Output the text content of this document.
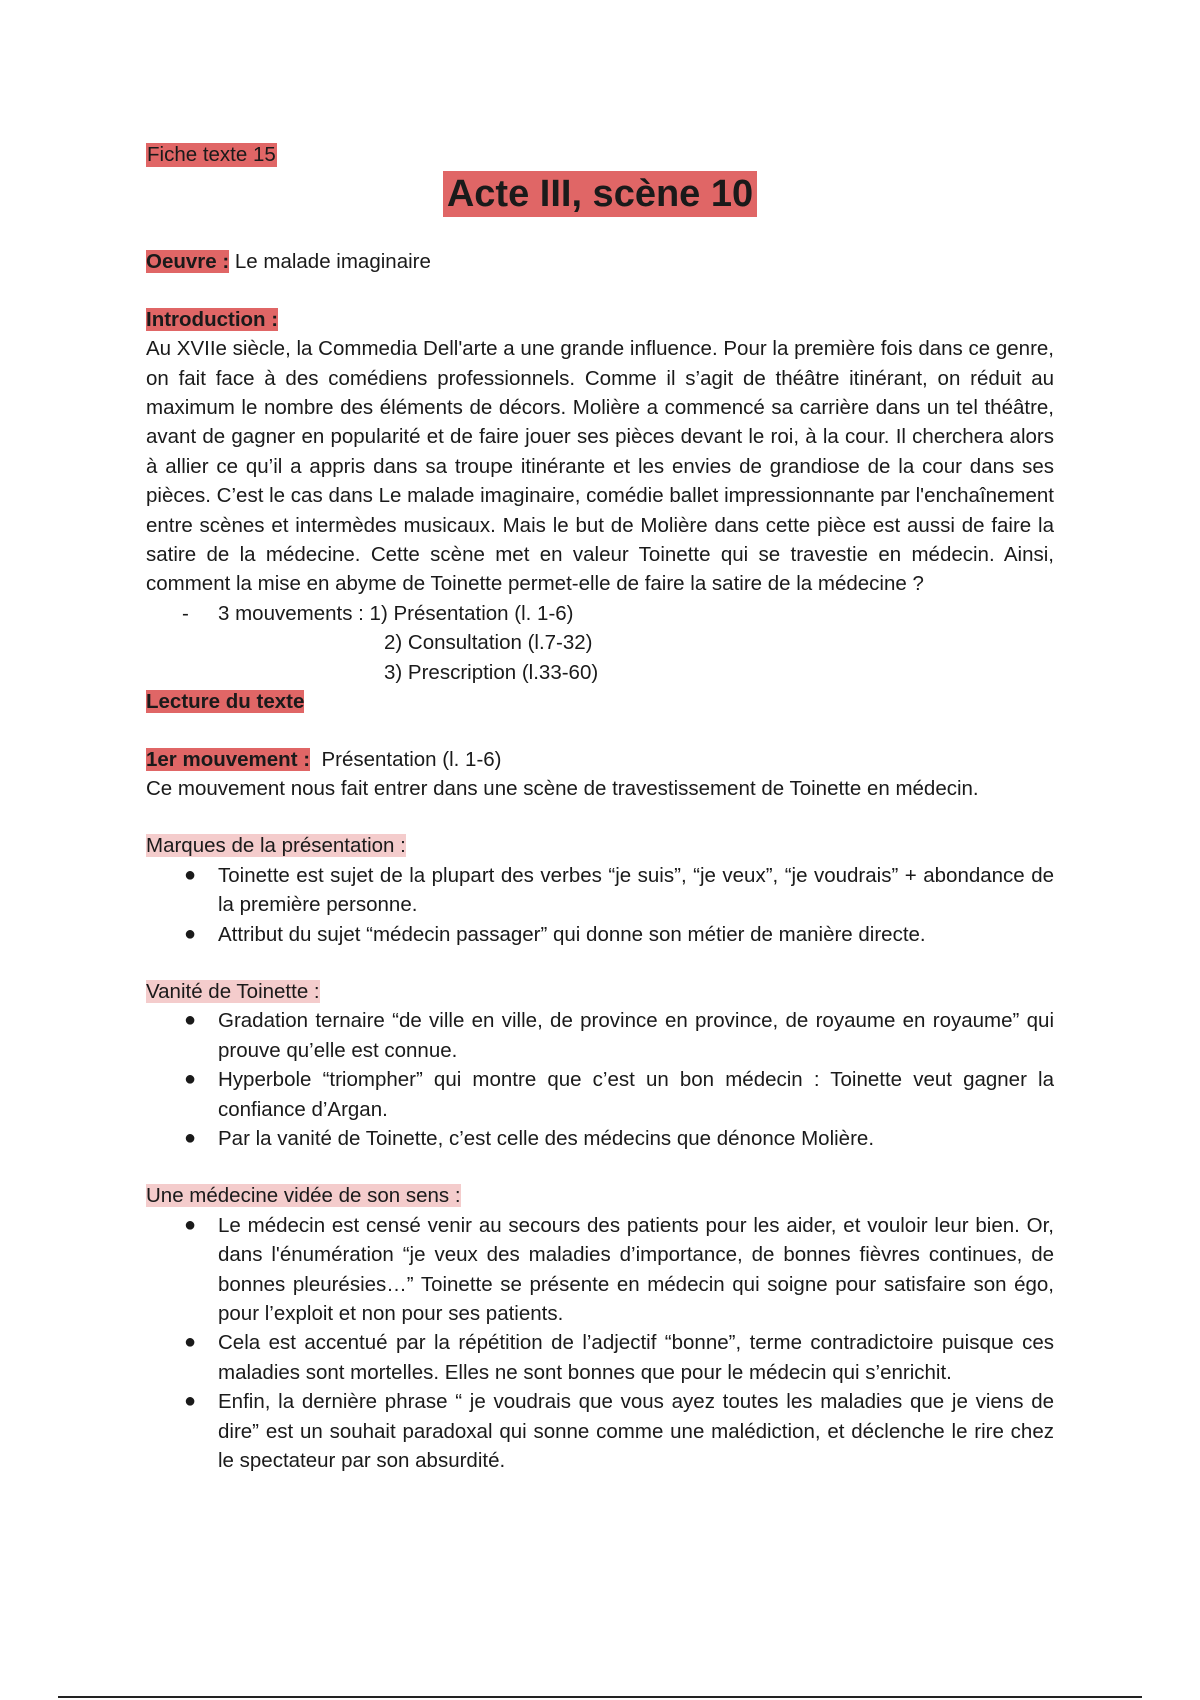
Fiche texte 15
Acte III, scène 10

Oeuvre : Le malade imaginaire

Introduction :

Au XVIIe siècle, la Commedia Dell'arte a une grande influence. Pour la première fois dans ce genre, on fait face à des comédiens professionnels. Comme il s’agit de théâtre itinérant, on réduit au maximum le nombre des éléments de décors. Molière a commencé sa carrière dans un tel théâtre, avant de gagner en popularité et de faire jouer ses pièces devant le roi, à la cour. Il cherchera alors à allier ce qu’il a appris dans sa troupe itinérante et les envies de grandiose de la cour dans ses pièces. C’est le cas dans Le malade imaginaire, comédie ballet impressionnante par l'enchaînement entre scènes et intermèdes musicaux. Mais le but de Molière dans cette pièce est aussi de faire la satire de la médecine. Cette scène met en valeur Toinette qui se travestie en médecin. Ainsi, comment la mise en abyme de Toinette permet-elle de faire la satire de la médecine ?

-	3 mouvements :
1) Présentation (l. 1-6)
2) Consultation (l.7-32)
3) Prescription (l.33-60)

Lecture du texte

1er mouvement : Présentation (l. 1-6)

Ce mouvement nous fait entrer dans une scène de travestissement de Toinette en médecin.

Marques de la présentation :

● Toinette est sujet de la plupart des verbes “je suis”, “je veux”, “je voudrais” + abondance de la première personne.
● Attribut du sujet “médecin passager” qui donne son métier de manière directe.

Vanité de Toinette :

● Gradation ternaire “de ville en ville, de province en province, de royaume en royaume” qui prouve qu’elle est connue.
● Hyperbole “triompher” qui montre que c’est un bon médecin : Toinette veut gagner la confiance d’Argan.
● Par la vanité de Toinette, c’est celle des médecins que dénonce Molière.

Une médecine vidée de son sens :

● Le médecin est censé venir au secours des patients pour les aider, et vouloir leur bien. Or, dans l'énumération “je veux des maladies d’importance, de bonnes fièvres continues, de bonnes pleurésies…” Toinette se présente en médecin qui soigne pour satisfaire son égo, pour l’exploit et non pour ses patients.
● Cela est accentué par la répétition de l’adjectif “bonne”, terme contradictoire puisque ces maladies sont mortelles. Elles ne sont bonnes que pour le médecin qui s’enrichit.
● Enfin, la dernière phrase “ je voudrais que vous ayez toutes les maladies que je viens de dire” est un souhait paradoxal qui sonne comme une malédiction, et déclenche le rire chez le spectateur par son absurdité.
